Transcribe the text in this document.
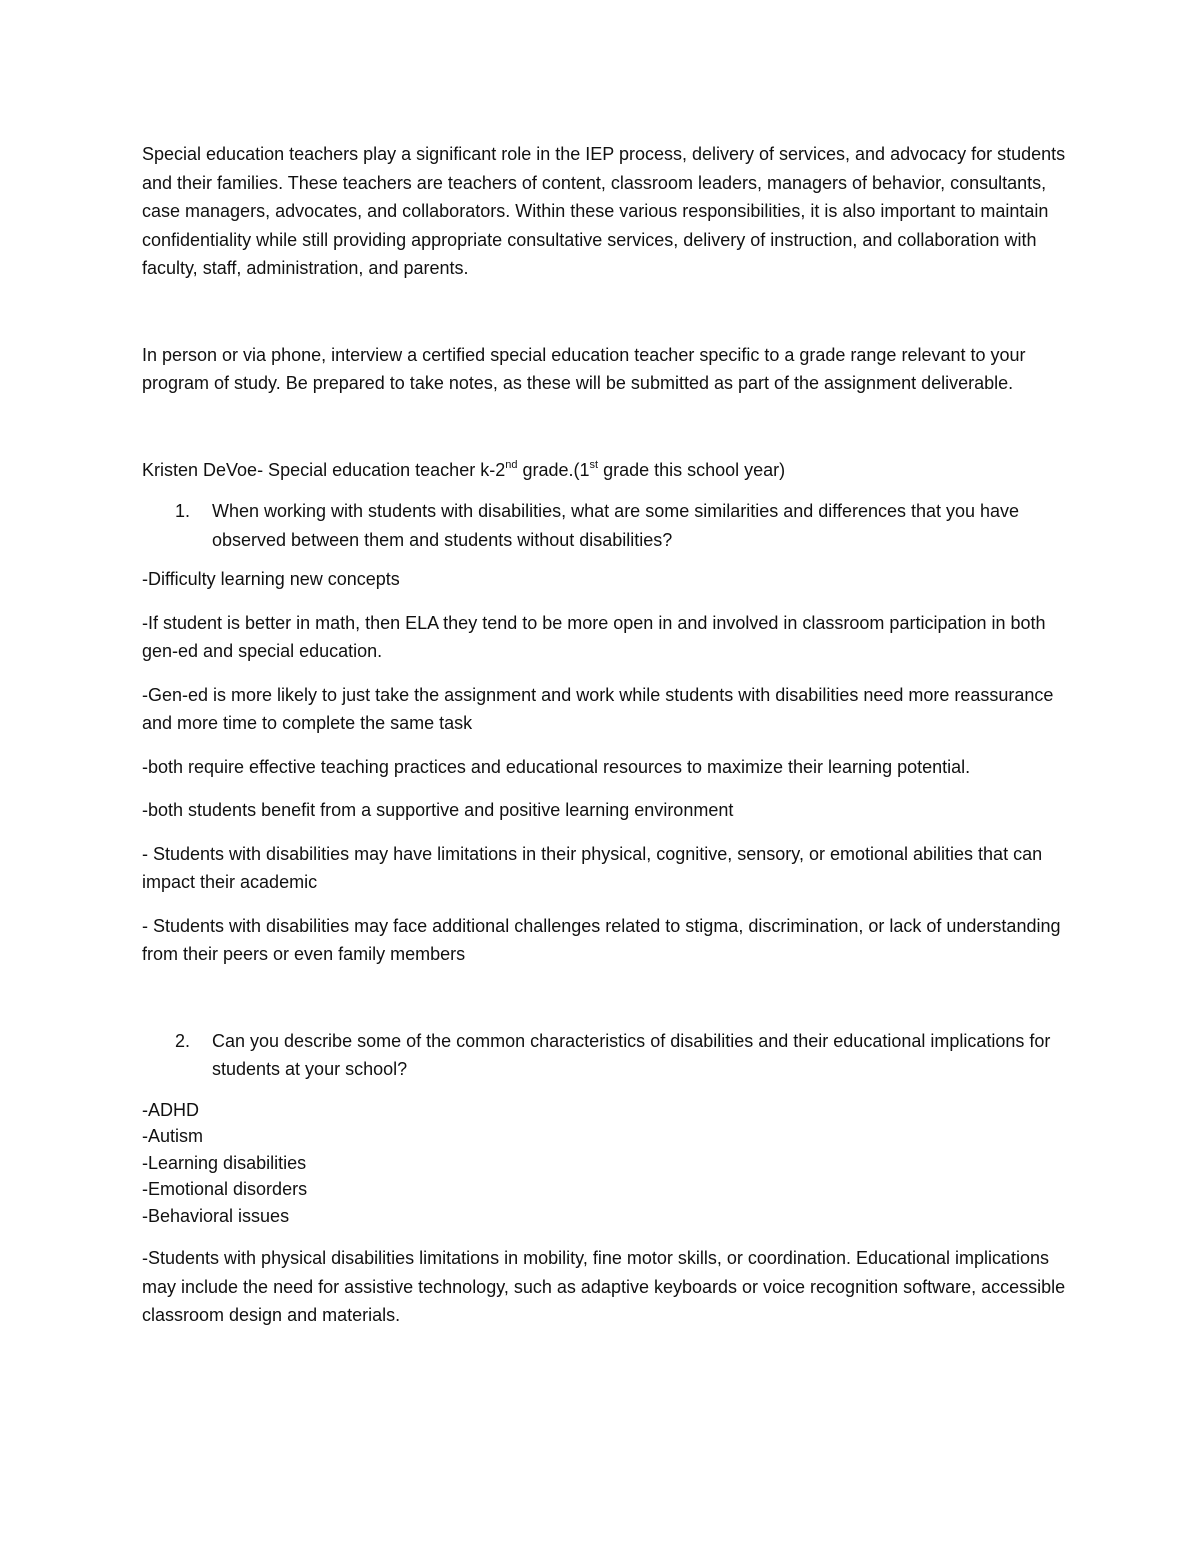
Special education teachers play a significant role in the IEP process, delivery of services, and advocacy for students and their families. These teachers are teachers of content, classroom leaders, managers of behavior, consultants, case managers, advocates, and collaborators. Within these various responsibilities, it is also important to maintain confidentiality while still providing appropriate consultative services, delivery of instruction, and collaboration with faculty, staff, administration, and parents.

In person or via phone, interview a certified special education teacher specific to a grade range relevant to your program of study. Be prepared to take notes, as these will be submitted as part of the assignment deliverable.

Kristen DeVoe- Special education teacher k-2nd grade.(1st grade this school year)

1.	When working with students with disabilities, what are some similarities and differences that you have observed between them and students without disabilities?

-Difficulty learning new concepts

-If student is better in math, then ELA they tend to be more open in and involved in classroom participation in both gen-ed and special education.

-Gen-ed is more likely to just take the assignment and work while students with disabilities need more reassurance and more time to complete the same task

-both require effective teaching practices and educational resources to maximize their learning potential.

-both students benefit from a supportive and positive learning environment

- Students with disabilities may have limitations in their physical, cognitive, sensory, or emotional abilities that can impact their academic

- Students with disabilities may face additional challenges related to stigma, discrimination, or lack of understanding from their peers or even family members

2.	Can you describe some of the common characteristics of disabilities and their educational implications for students at your school?
-ADHD
-Autism
-Learning disabilities
-Emotional disorders
-Behavioral issues

-Students with physical disabilities limitations in mobility, fine motor skills, or coordination. Educational implications may include the need for assistive technology, such as adaptive keyboards or voice recognition software, accessible classroom design and materials.
